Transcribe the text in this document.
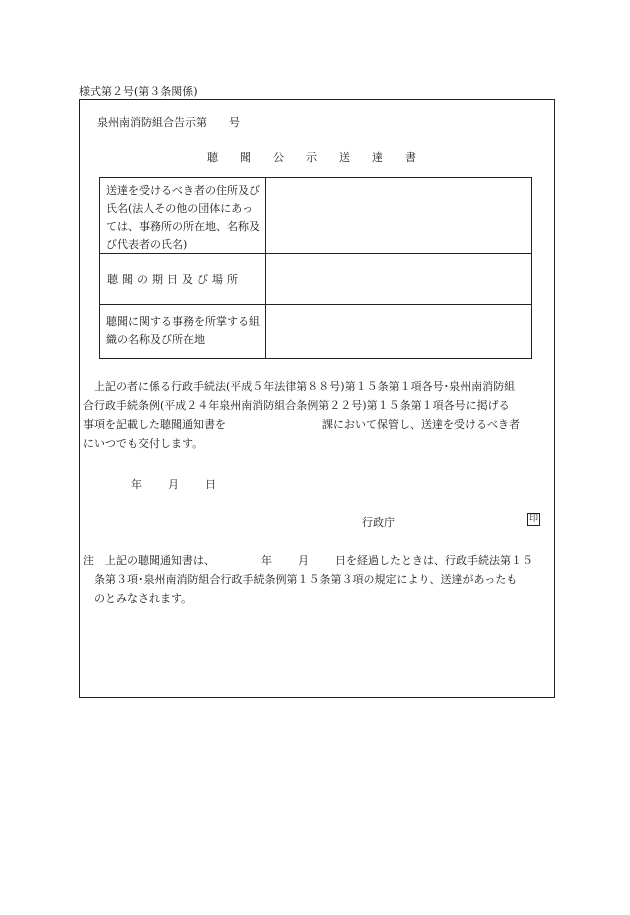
様式第２号(第３条関係)
泉州南消防組合告示第 号
聴聞公示送達書
送達を受けるべき者の住所及び氏名(法人その他の団体にあっては、事務所の所在地、名称及び代表者の氏名)
聴聞の期日及び場所
聴聞に関する事務を所掌する組織の名称及び所在地

上記の者に係る行政手続法(平成５年法律第８８号)第１５条第１項各号･泉州南消防組

合行政手続条例(平成２４年泉州南消防組合条例第２２号)第１５条第１項各号に掲げる

事項を記載した聴聞通知書を	課において保管し、送達を受けるべき者

にいつでも交付します。

年 月 日
行政庁	印

注　 上記の聴聞通知書は、	年 月 日を経過したときは、行政手続法第１５

条第３項･泉州南消防組合行政手続条例第１５条第３項の規定により、送達があったも

のとみなされます。
